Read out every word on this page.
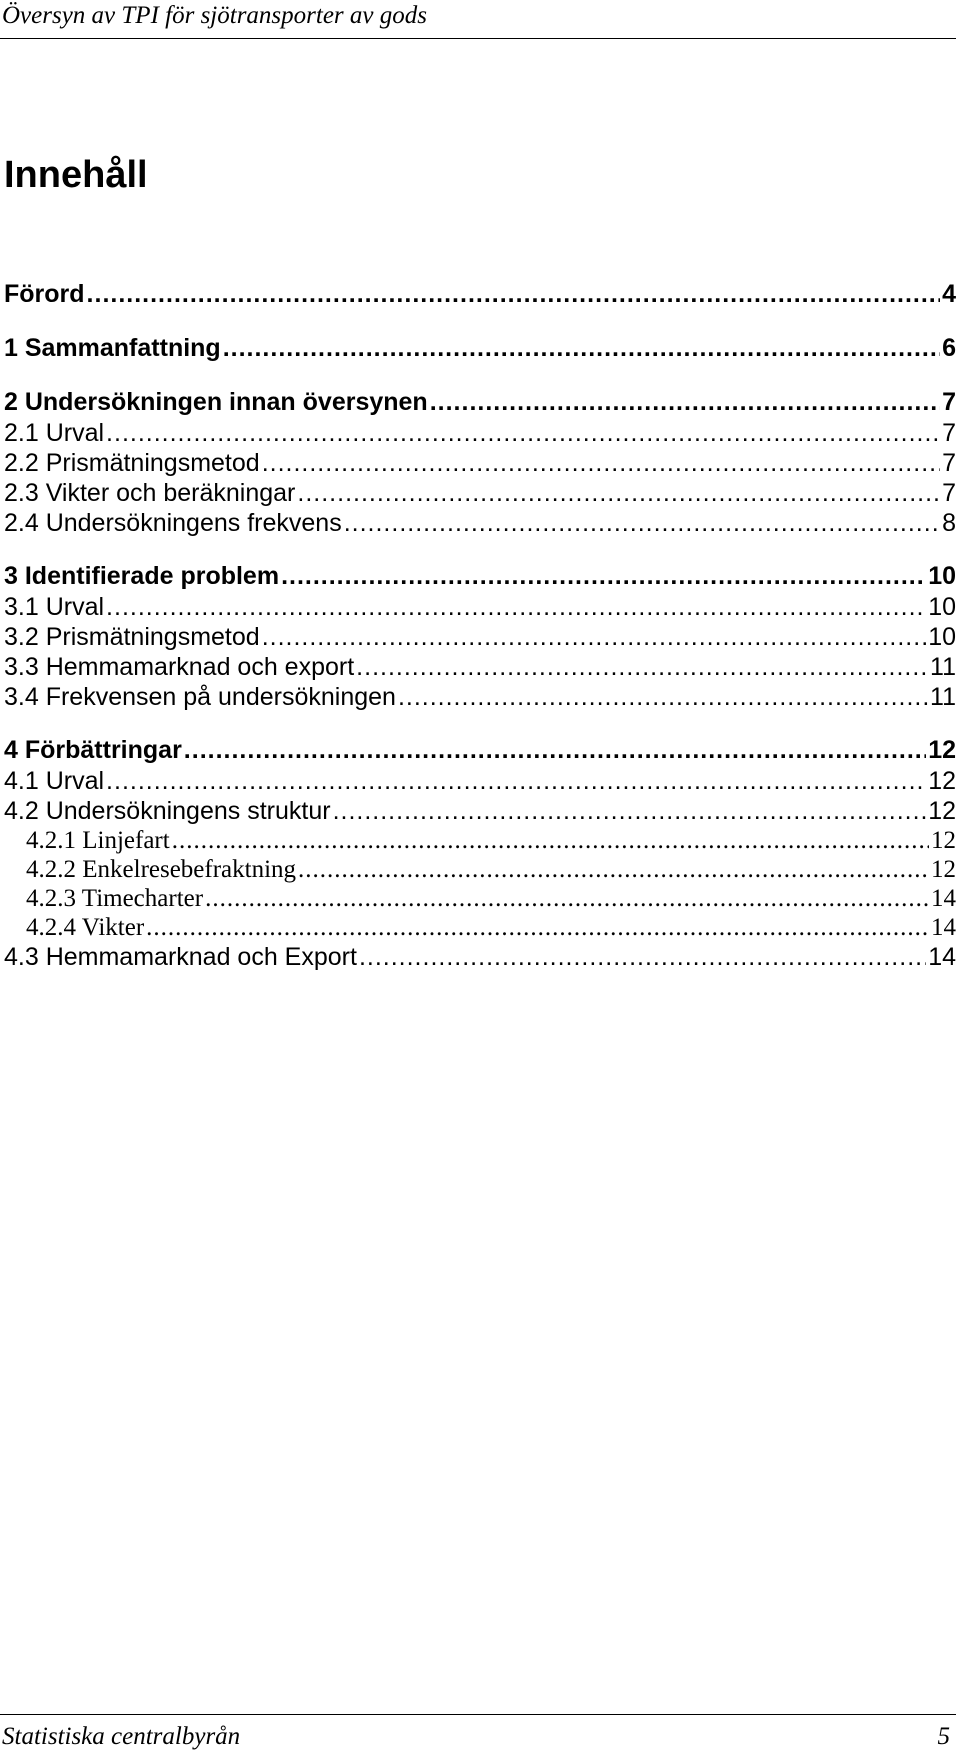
Översyn av TPI för sjötransporter av gods
Innehåll
Förord .....	4
1 Sammanfattning .....	6
2 Undersökningen innan översynen .....	7
2.1 Urval .....	7
2.2 Prismätningsmetod .....	7
2.3 Vikter och beräkningar .....	7
2.4 Undersökningens frekvens .....	8
3 Identifierade problem .....	10
3.1 Urval .....	10
3.2 Prismätningsmetod .....	10
3.3 Hemmamarknad och export .....	11
3.4 Frekvensen på undersökningen .....	11
4 Förbättringar .....	12
4.1 Urval .....	12
4.2 Undersökningens struktur .....	12
4.2.1 Linjefart .....	12
4.2.2 Enkelresebefraktning .....	12
4.2.3 Timecharter .....	14
4.2.4 Vikter .....	14
4.3 Hemmamarknad och Export .....	14
Statistiska centralbyrån	5
